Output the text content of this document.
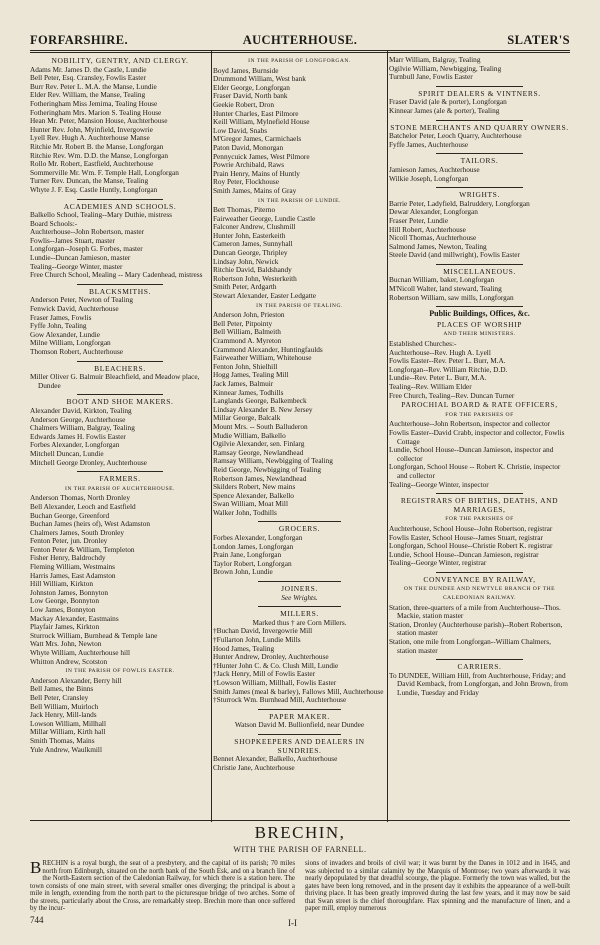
FORFARSHIRE.	AUCHTERHOUSE.	SLATER'S
NOBILITY, GENTRY, AND CLERGY.
Adams Mr. James D. the Castle, Lundie
Bell Peter, Esq. Cransley, Fowlis Easter
Burr Rev. Peter L. M.A. the Manse, Lundie
Elder Rev. William, the Manse, Tealing
Fotheringham Miss Jemima, Tealing House
Fotheringham Mrs. Marion S. Tealing House
Hean Mr. Peter, Mansion House, Auchterhouse
Hunter Rev. John, Myinfield, Invergowrie
Lyell Rev. Hugh A. Auchterhouse Manse
Ritchie Mr. Robert B. the Manse, Longforgan
Ritchie Rev. Wm. D.D. the Manse, Longforgan
Rollo Mr. Robert, Eastfield, Auchterhouse
Sommerville Mr. Wm. F. Temple Hall, Longforgan
Turner Rev. Duncan, the Manse, Tealing
Whyte J. F. Esq. Castle Huntly, Longforgan
ACADEMIES AND SCHOOLS.
Balkello School, Tealing--Mary Duthie, mistress
Board Schools:-
Auchterhouse--John Robertson, master
Fowlis--James Stuart, master
Longforgan--Joseph G. Forbes, master
Lundie--Duncan Jamieson, master
Tealing--George Winter, master
Free Church School, Mealing -- Mary Cadenhead, mistress
BLACKSMITHS.
Anderson Peter, Newton of Tealing
Fenwick David, Auchterhouse
Fraser James, Fowlis
Fyffe John, Tealing
Gow Alexander, Lundie
Milne William, Longforgan
Thomson Robert, Auchterhouse
BLEACHERS.
Miller Oliver G. Balmuir Bleachfield, and Meadow place, Dundee
BOOT AND SHOE MAKERS.
Alexander David, Kirkton, Tealing
Anderson George, Auchterhouse
Chalmers William, Balgray, Tealing
Edwards James H. Fowlis Easter
Forbes Alexander, Longforgan
Mitchell Duncan, Lundie
Mitchell George Dronley, Auchterhouse
FARMERS.
IN THE PARISH OF AUCHTERHOUSE.
Anderson Thomas, North Dronley
Bell Alexander, Leoch and Eastfield
Buchan George, Greenford
Buchan James (heirs of), West Adamston
Chalmers James, South Dronley
Fenton Peter, jun. Dronley
Fenton Peter & William, Templeton
Fisher Henry, Baldrochdy
Fleming William, Westmains
Harris James, East Adamston
Hill William, Kirkton
Johnston James, Bonnyton
Low George, Bonnyton
Low James, Bonnyton
Mackay Alexander, Eastmains
Playfair James, Kirkton
Sturrock William, Burnhead & Temple lane
Watt Mrs. John, Newton
Whyte William, Auchterhouse hill
Whitton Andrew, Scotston
IN THE PARISH OF FOWLIS EASTER.
Anderson Alexander, Berry hill
Bell James, the Binns
Bell Peter, Cransley
Bell William, Muirloch
Jack Henry, Mill-lands
Lowson William, Millhall
Millar William, Kirth hall
Smith Thomas, Mains
Yule Andrew, Waulkmill
IN THE PARISH OF LONGFORGAN.
Boyd James, Burnside
Drummond William, West bank
Elder George, Longforgan
Fraser David, North bank
Geekie Robert, Dron
Hunter Charles, East Pilmore
Keill William, Mylnefield House
Low David, Snabs
M'Gregor James, Carmichaels
Paton David, Monorgan
Pennycuick James, West Pilmore
Powrie Archibald, Raws
Prain Henry, Mains of Huntly
Roy Peter, Flockhouse
Smith James, Mains of Gray
IN THE PARISH OF LUNDIE.
Bett Thomas, Piterno
Fairweather George, Lundie Castle
Falconer Andrew, Clushmill
Hunter John, Easterkeith
Cameron James, Sunnyhall
Duncan George, Thripley
Lindsay John, Newick
Ritchie David, Baldshandy
Robertson John, Westerkeith
Smith Peter, Ardgarth
Stewart Alexander, Easter Ledgatte
IN THE PARISH OF TEALING.
Anderson John, Prieston
Bell Peter, Pitpointy
Bell William, Balmeith
Crammond A. Myreton
Crammond Alexander, Huntingfaulds
Fairweather William, Whitehouse
Fenton John, Shielhill
Hogg James, Tealing Mill
Jack James, Balmuir
Kinnear James, Todhills
Langlands George, Balkembeck
Lindsay Alexander B. New Jersey
Millar George, Balcalk
Mount Mrs. -- South Balluderon
Mudie William, Balkello
Ogilvie Alexander, sen. Finlarg
Ramsay George, Newlandhead
Ramsay William, Newbigging of Tealing
Reid George, Newbigging of Tealing
Robertson James, Newlandhead
Skilders Robert, New mains
Spence Alexander, Balkello
Swan William, Moat Mill
Walker John, Todhills
GROCERS.
Forbes Alexander, Longforgan
London James, Longforgan
Prain Jane, Longforgan
Taylor Robert, Longforgan
Brown John, Lundie
JOINERS.
See Wrights.
MILLERS.
Marked thus † are Corn Millers.
†Buchan David, Invergowrie Mill
†Fullarton John, Lundie Mills
Hood James, Tealing
Hunter Andrew, Dronley, Auchterhouse
†Hunter John C. & Co. Clush Mill, Lundie
†Jack Henry, Mill of Fowlis Easter
†Lowson William, Millhall, Fowlis Easter
Smith James (meal & barley), Fallows Mill, Auchterhouse
†Sturrock Wm. Burnhead Mill, Auchterhouse
PAPER MAKER.
Watson David M. Bullionfield, near Dundee
SHOPKEEPERS AND DEALERS IN SUNDRIES.
Bennet Alexander, Balkello, Auchterhouse
Christie Jane, Auchterhouse
Marr William, Balgray, Tealing
Ogilvie William, Newbigging, Tealing
Turnbull Jane, Fowlis Easter
SPIRIT DEALERS & VINTNERS.
Fraser David (ale & porter), Longforgan
Kinnear James (ale & porter), Tealing
STONE MERCHANTS AND QUARRY OWNERS.
Batchelor Peter, Leoch Quarry, Auchterhouse
Fyffe James, Auchterhouse
TAILORS.
Jamieson James, Auchterhouse
Wilkie Joseph, Longforgan
WRIGHTS.
Barrie Peter, Ladyfield, Balruddery, Longforgan
Dewar Alexander, Longforgan
Fraser Peter, Lundie
Hill Robert, Auchterhouse
Nicoll Thomas, Auchterhouse
Salmond James, Newton, Tealing
Steele David (and millwright), Fowlis Easter
MISCELLANEOUS.
Bucnan William, baker, Longforgan
M'Nicoll Walter, land steward, Tealing
Robertson William, saw mills, Longforgan
Public Buildings, Offices, &c.
PLACES OF WORSHIP
AND THEIR MINISTERS.
Established Churches:-
Auchterhouse--Rev. Hugh A. Lyell
Fowlis Easter--Rev. Peter L. Burr, M.A.
Longforgan--Rev. William Ritchie, D.D.
Lundie--Rev. Peter L. Burr, M.A.
Tealing--Rev. William Elder
Free Church, Tealing--Rev. Duncan Turner
PAROCHIAL BOARD & RATE OFFICERS,
FOR THE PARISHES OF
Auchterhouse--John Robertson, inspector and collector
Fowlis Easter--David Crabb, inspector and collector, Fowlis Cottage
Lundie, School House--Duncan Jamieson, inspector and collector
Longforgan, School House -- Robert K. Christie, inspector and collector
Tealing--George Winter, inspector
REGISTRARS OF BIRTHS, DEATHS, AND MARRIAGES,
FOR THE PARISHES OF
Auchterhouse, School House--John Robertson, registrar
Fowlis Easter, School House--James Stuart, registrar
Longforgan, School House--Christie Robert K. registrar
Lundie, School House--Duncan Jamieson, registrar
Tealing--George Winter, registrar
CONVEYANCE BY RAILWAY,
ON THE DUNDEE AND NEWTYLE BRANCH OF THE CALEDONIAN RAILWAY.
Station, three-quarters of a mile from Auchterhouse--Thos. Mackie, station master
Station, Dronley (Auchterhouse parish)--Robert Robertson, station master
Station, one mile from Longforgan--William Chalmers, station master
CARRIERS.
To DUNDEE, William Hill, from Auchterhouse, Friday; and David Kemback, from Longforgan, and John Brown, from Lundie, Tuesday and Friday
BRECHIN,
WITH THE PARISH OF FARNELL.
BRECHIN is a royal burgh, the seat of a presbytery, and the capital of its parish; 70 miles north from Edinburgh, situated on the north bank of the South Esk, and on a branch line of the North-Eastern section of the Caledonian Railway, for which there is a station here. The town consists of one main street, with several smaller ones diverging; the principal is about a mile in length, extending from the north part to the picturesque bridge of two arches. Some of the streets, particularly about the Cross, are remarkably steep. Brechin more than once suffered by the incur-
sions of invaders and broils of civil war; it was burnt by the Danes in 1012 and in 1645, and was subjected to a similar calamity by the Marquis of Montrose; two years afterwards it was nearly depopulated by that dreadful scourge, the plague. Formerly the town was walled, but the gates have been long removed, and in the present day it exhibits the appearance of a well-built thriving place. It has been greatly improved during the last few years, and it may now be said that Swan street is the chief thoroughfare. Flax spinning and the manufacture of linen, and a paper mill, employ numerous
744	I-I
